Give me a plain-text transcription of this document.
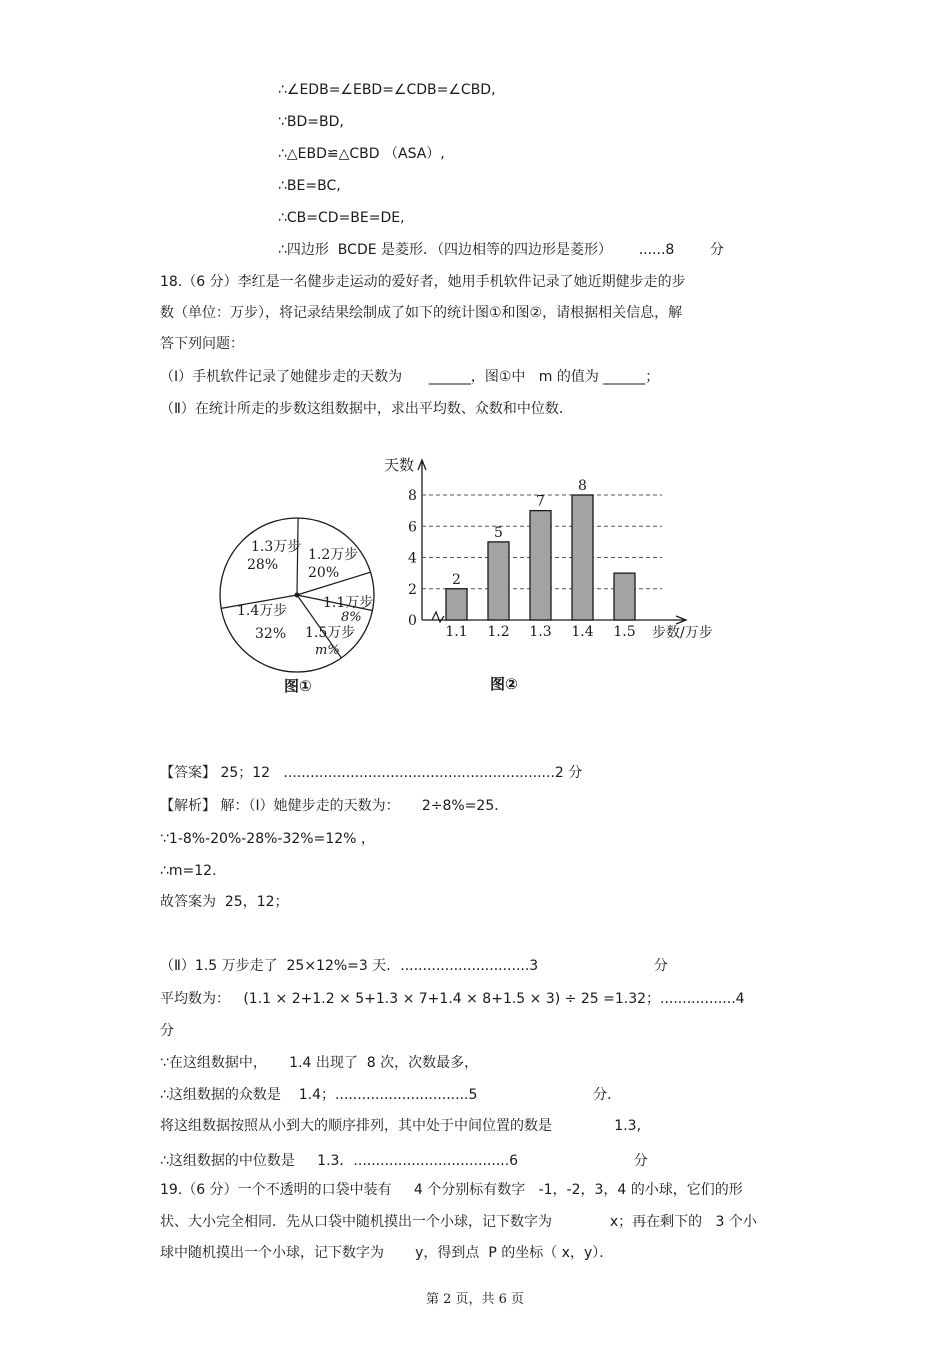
∴∠EDB=∠EBD=∠CDB=∠CBD,
∵BD=BD,
∴△EBD≌△CBD （ASA）,
∴BE=BC,
∴CB=CD=BE=DE,
∴四边形  BCDE 是菱形．（四边相等的四边形是菱形）      ......8        分
18.（6 分）李红是一名健步走运动的爱好者，她用手机软件记录了她近期健步走的步
数（单位：万步），将记录结果绘制成了如下的统计图①和图②，请根据相关信息，解
答下列问题：
（Ⅰ）手机软件记录了她健步走的天数为      ______，图①中   m 的值为 ______；
（Ⅱ）在统计所走的步数这组数据中，求出平均数、众数和中位数．
1.3万步
28%
1.2万步
20%
1.1万步
8%
1.5万步
m%
1.4万步
32%
图①
2
5
7
8
0
2
4
6
8
1.1 1.2 1.3 1.4 1.5
天数
步数/万步
图②
【答案】 25；12   .............................................................2 分
【解析】 解：（Ⅰ）她健步走的天数为：     2÷8%=25．
∵1-8%-20%-28%-32%=12% ，
∴m=12．
故答案为  25，12；
（Ⅱ）1.5 万步走了  25×12%=3 天．.............................3                          分
平均数为：   (1.1 × 2+1.2 × 5+1.3 × 7+1.4 × 8+1.5 × 3) ÷ 25 =1.32；.................4
分
∵在这组数据中，     1.4 出现了  8 次，次数最多，
∴这组数据的众数是    1.4；..............................5                          分．
将这组数据按照从小到大的顺序排列，其中处于中间位置的数是              1.3,
∴这组数据的中位数是     1.3．...................................6                          分
19.（6 分）一个不透明的口袋中装有     4 个分别标有数字   -1，-2，3，4 的小球，它们的形
状、大小完全相同．先从口袋中随机摸出一个小球，记下数字为             x；再在剩下的   3 个小
球中随机摸出一个小球，记下数字为       y，得到点  P 的坐标（ x，y）．
第 2 页，共 6 页
